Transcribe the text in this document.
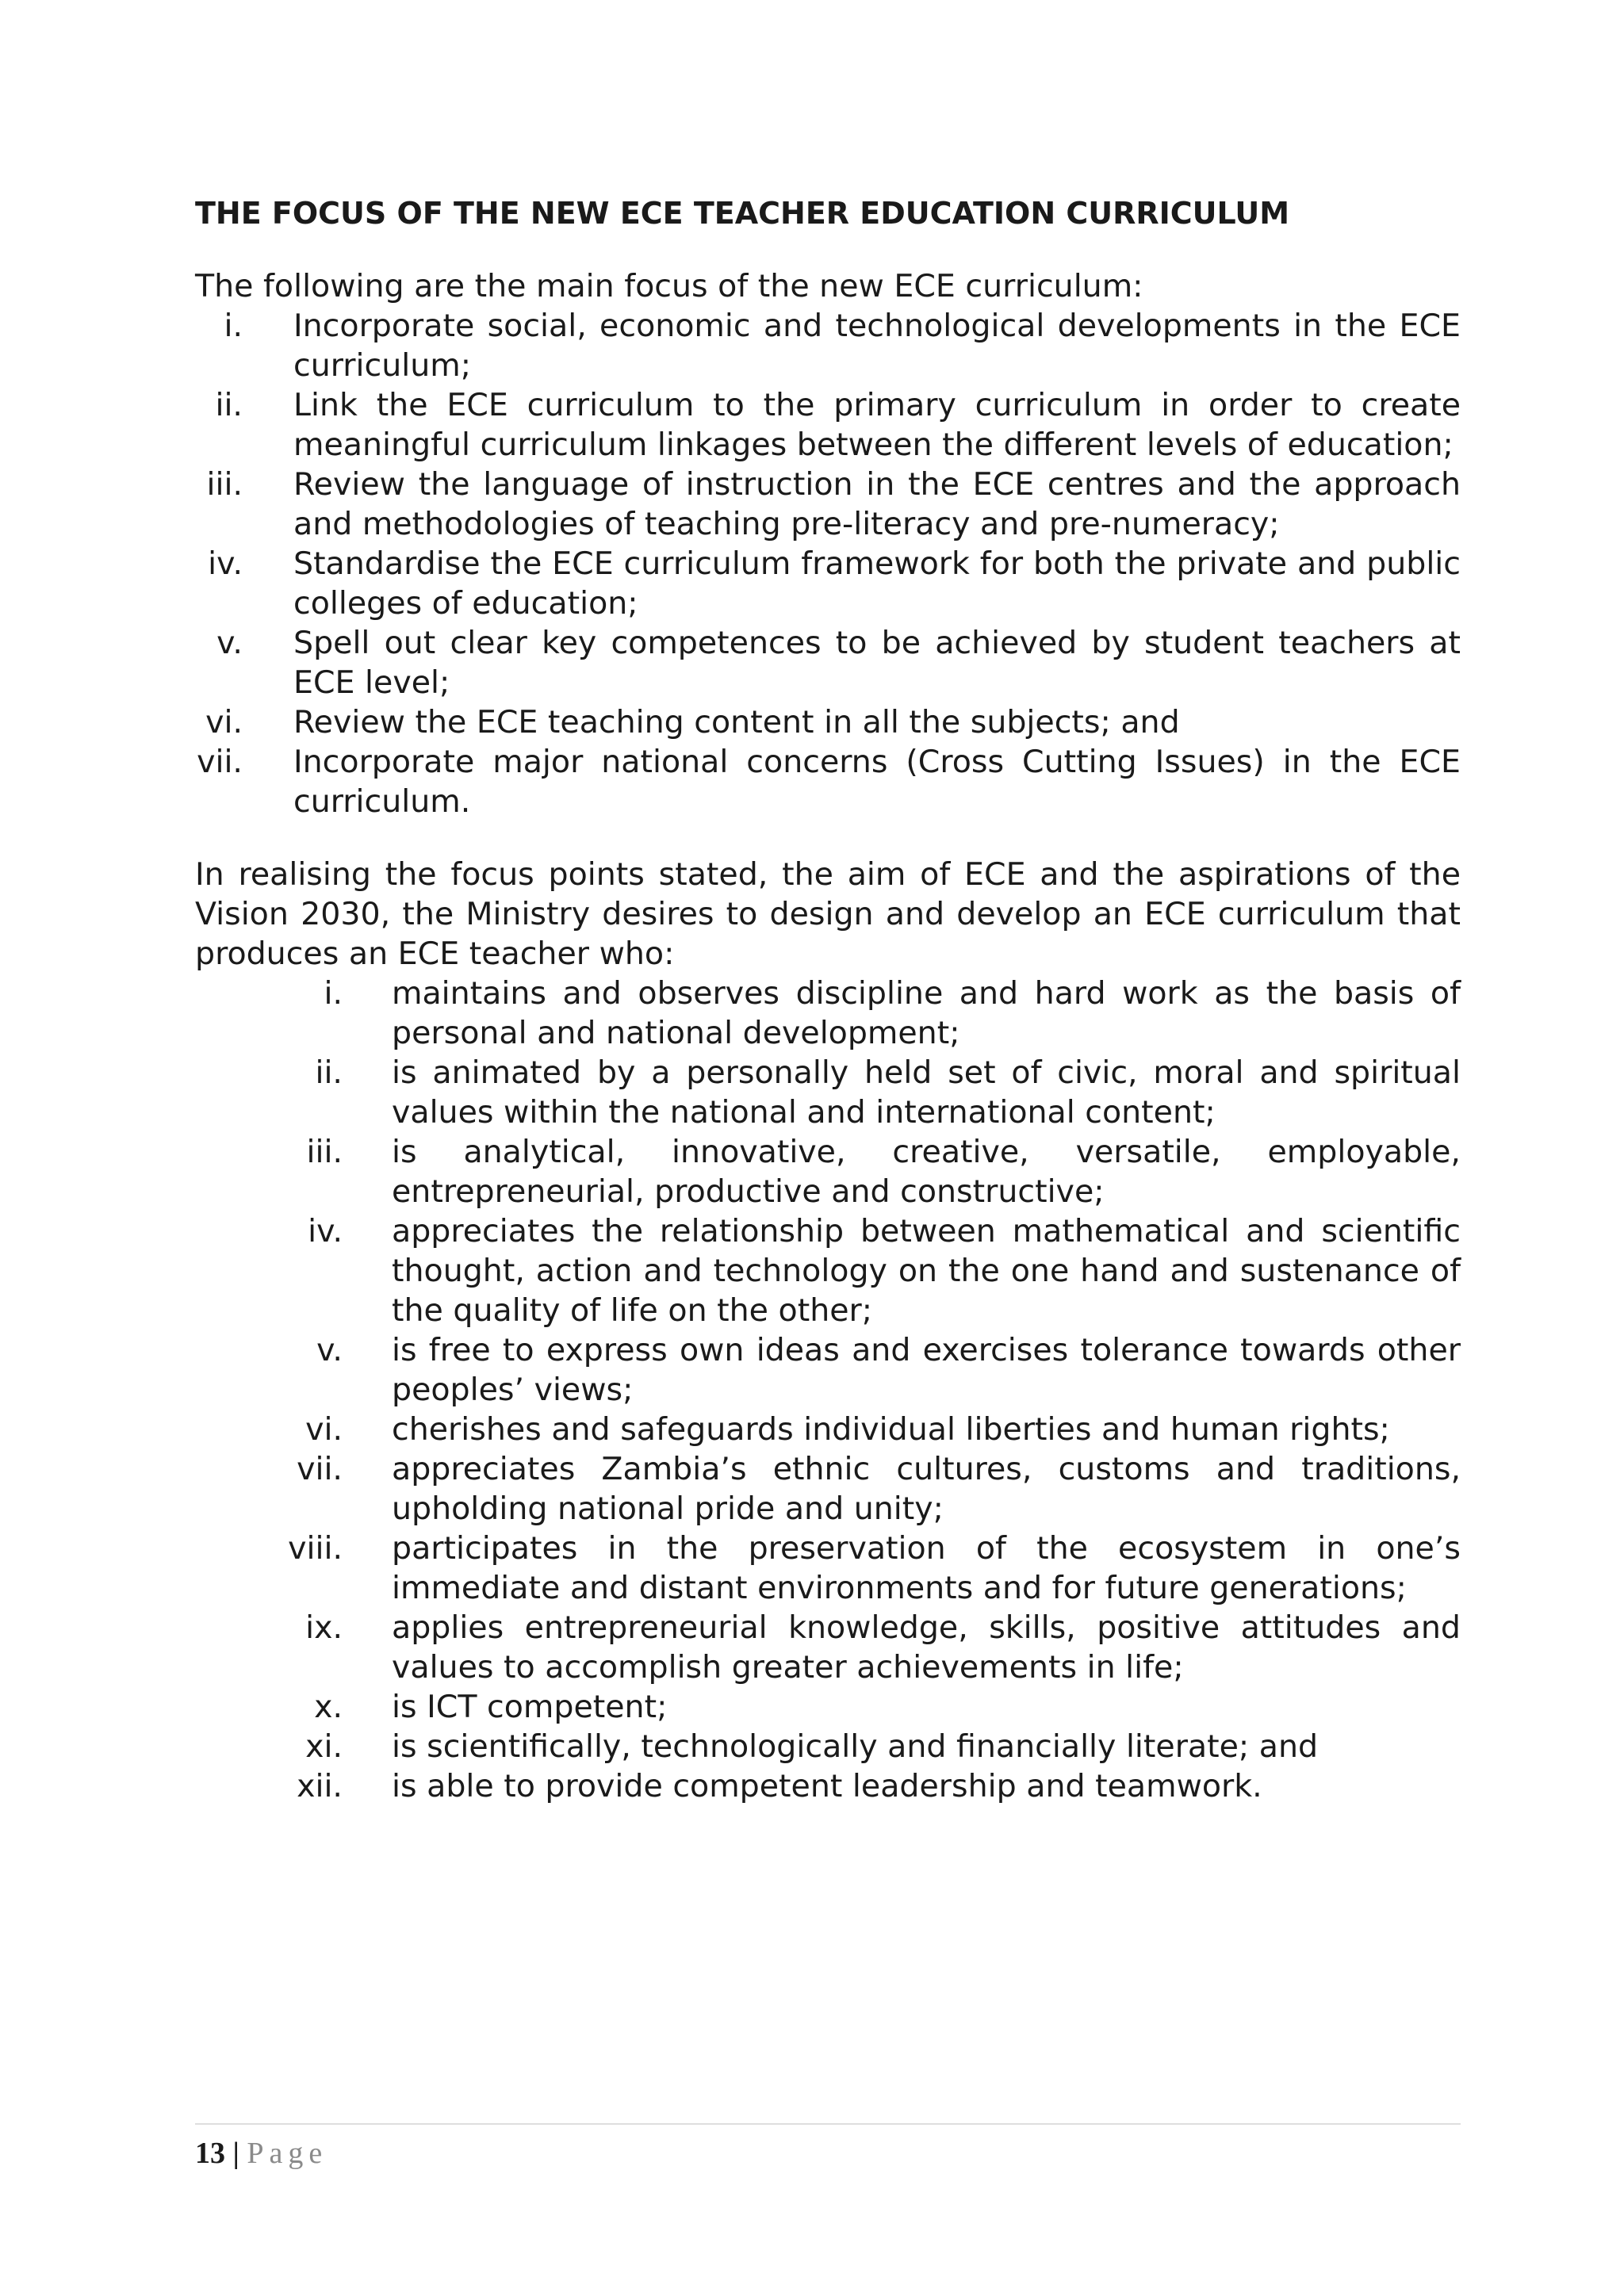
THE FOCUS OF THE NEW ECE TEACHER EDUCATION CURRICULUM

The following are the main focus of the new ECE curriculum:

i.	Incorporate social, economic and technological developments in the ECE curriculum;
ii.	Link the ECE curriculum to the primary curriculum in order to create meaningful curriculum linkages between the different levels of education;
iii.	Review the language of instruction in the ECE centres and the approach and methodologies of teaching pre-literacy and pre-numeracy;
iv.	Standardise the ECE curriculum framework for both the private and public colleges of education;
v.	Spell out clear key competences to be achieved by student teachers at ECE level;
vi.	Review the ECE teaching content in all the subjects; and
vii.	Incorporate major national concerns (Cross Cutting Issues) in the ECE curriculum.

In realising the focus points stated, the aim of ECE and the aspirations of the Vision 2030, the Ministry desires to design and develop an ECE curriculum that produces an ECE teacher who:

i.	maintains and observes discipline and hard work as the basis of personal and national development;
ii.	is animated by a personally held set of civic, moral and spiritual values within the national and international content;
iii.	is analytical, innovative, creative, versatile, employable, entrepreneurial, productive and constructive;
iv.	appreciates the relationship between mathematical and scientific thought, action and technology on the one hand and sustenance of the quality of life on the other;
v.	is free to express own ideas and exercises tolerance towards other peoples’ views;
vi.	cherishes and safeguards individual liberties and human rights;
vii.	appreciates Zambia’s ethnic cultures, customs and traditions, upholding national pride and unity;
viii.	participates in the preservation of the ecosystem in one’s immediate and distant environments and for future generations;
ix.	applies entrepreneurial knowledge, skills, positive attitudes and values to accomplish greater achievements in life;
x.	is ICT competent;
xi.	is scientifically, technologically and financially literate; and
xii.	is able to provide competent leadership and teamwork.
13 | Page
